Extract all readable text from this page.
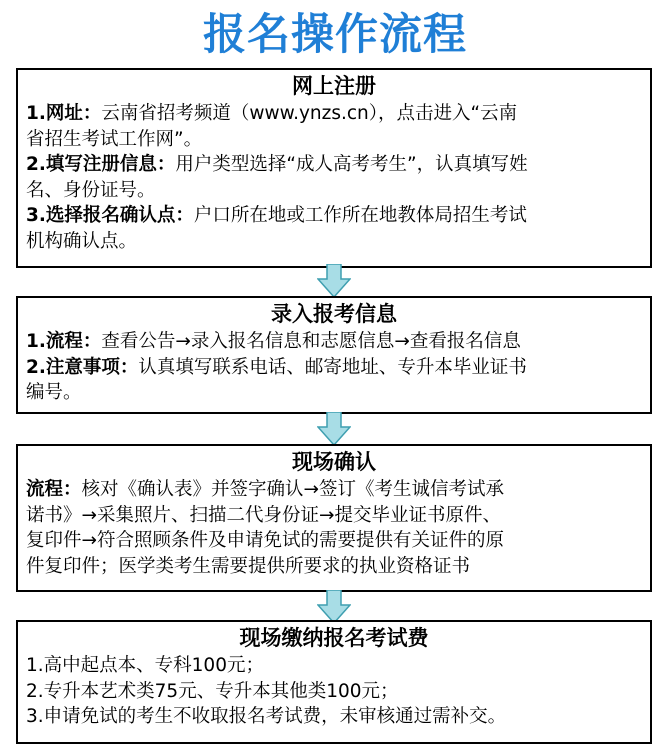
报名操作流程
网上注册
1.网址：云南省招考频道（www.ynzs.cn），点击进入“云南
省招生考试工作网”。
2.填写注册信息：用户类型选择“成人高考考生”，认真填写姓
名、身份证号。
3.选择报名确认点：户口所在地或工作所在地教体局招生考试
机构确认点。
录入报考信息
1.流程：查看公告→录入报名信息和志愿信息→查看报名信息
2.注意事项：认真填写联系电话、邮寄地址、专升本毕业证书
编号。
现场确认
流程：核对《确认表》并签字确认→签订《考生诚信考试承
诺书》→采集照片、扫描二代身份证→提交毕业证书原件、
复印件→符合照顾条件及申请免试的需要提供有关证件的原
件复印件；医学类考生需要提供所要求的执业资格证书
现场缴纳报名考试费
1.高中起点本、专科100元；
2.专升本艺术类75元、专升本其他类100元；
3.申请免试的考生不收取报名考试费，未审核通过需补交。
